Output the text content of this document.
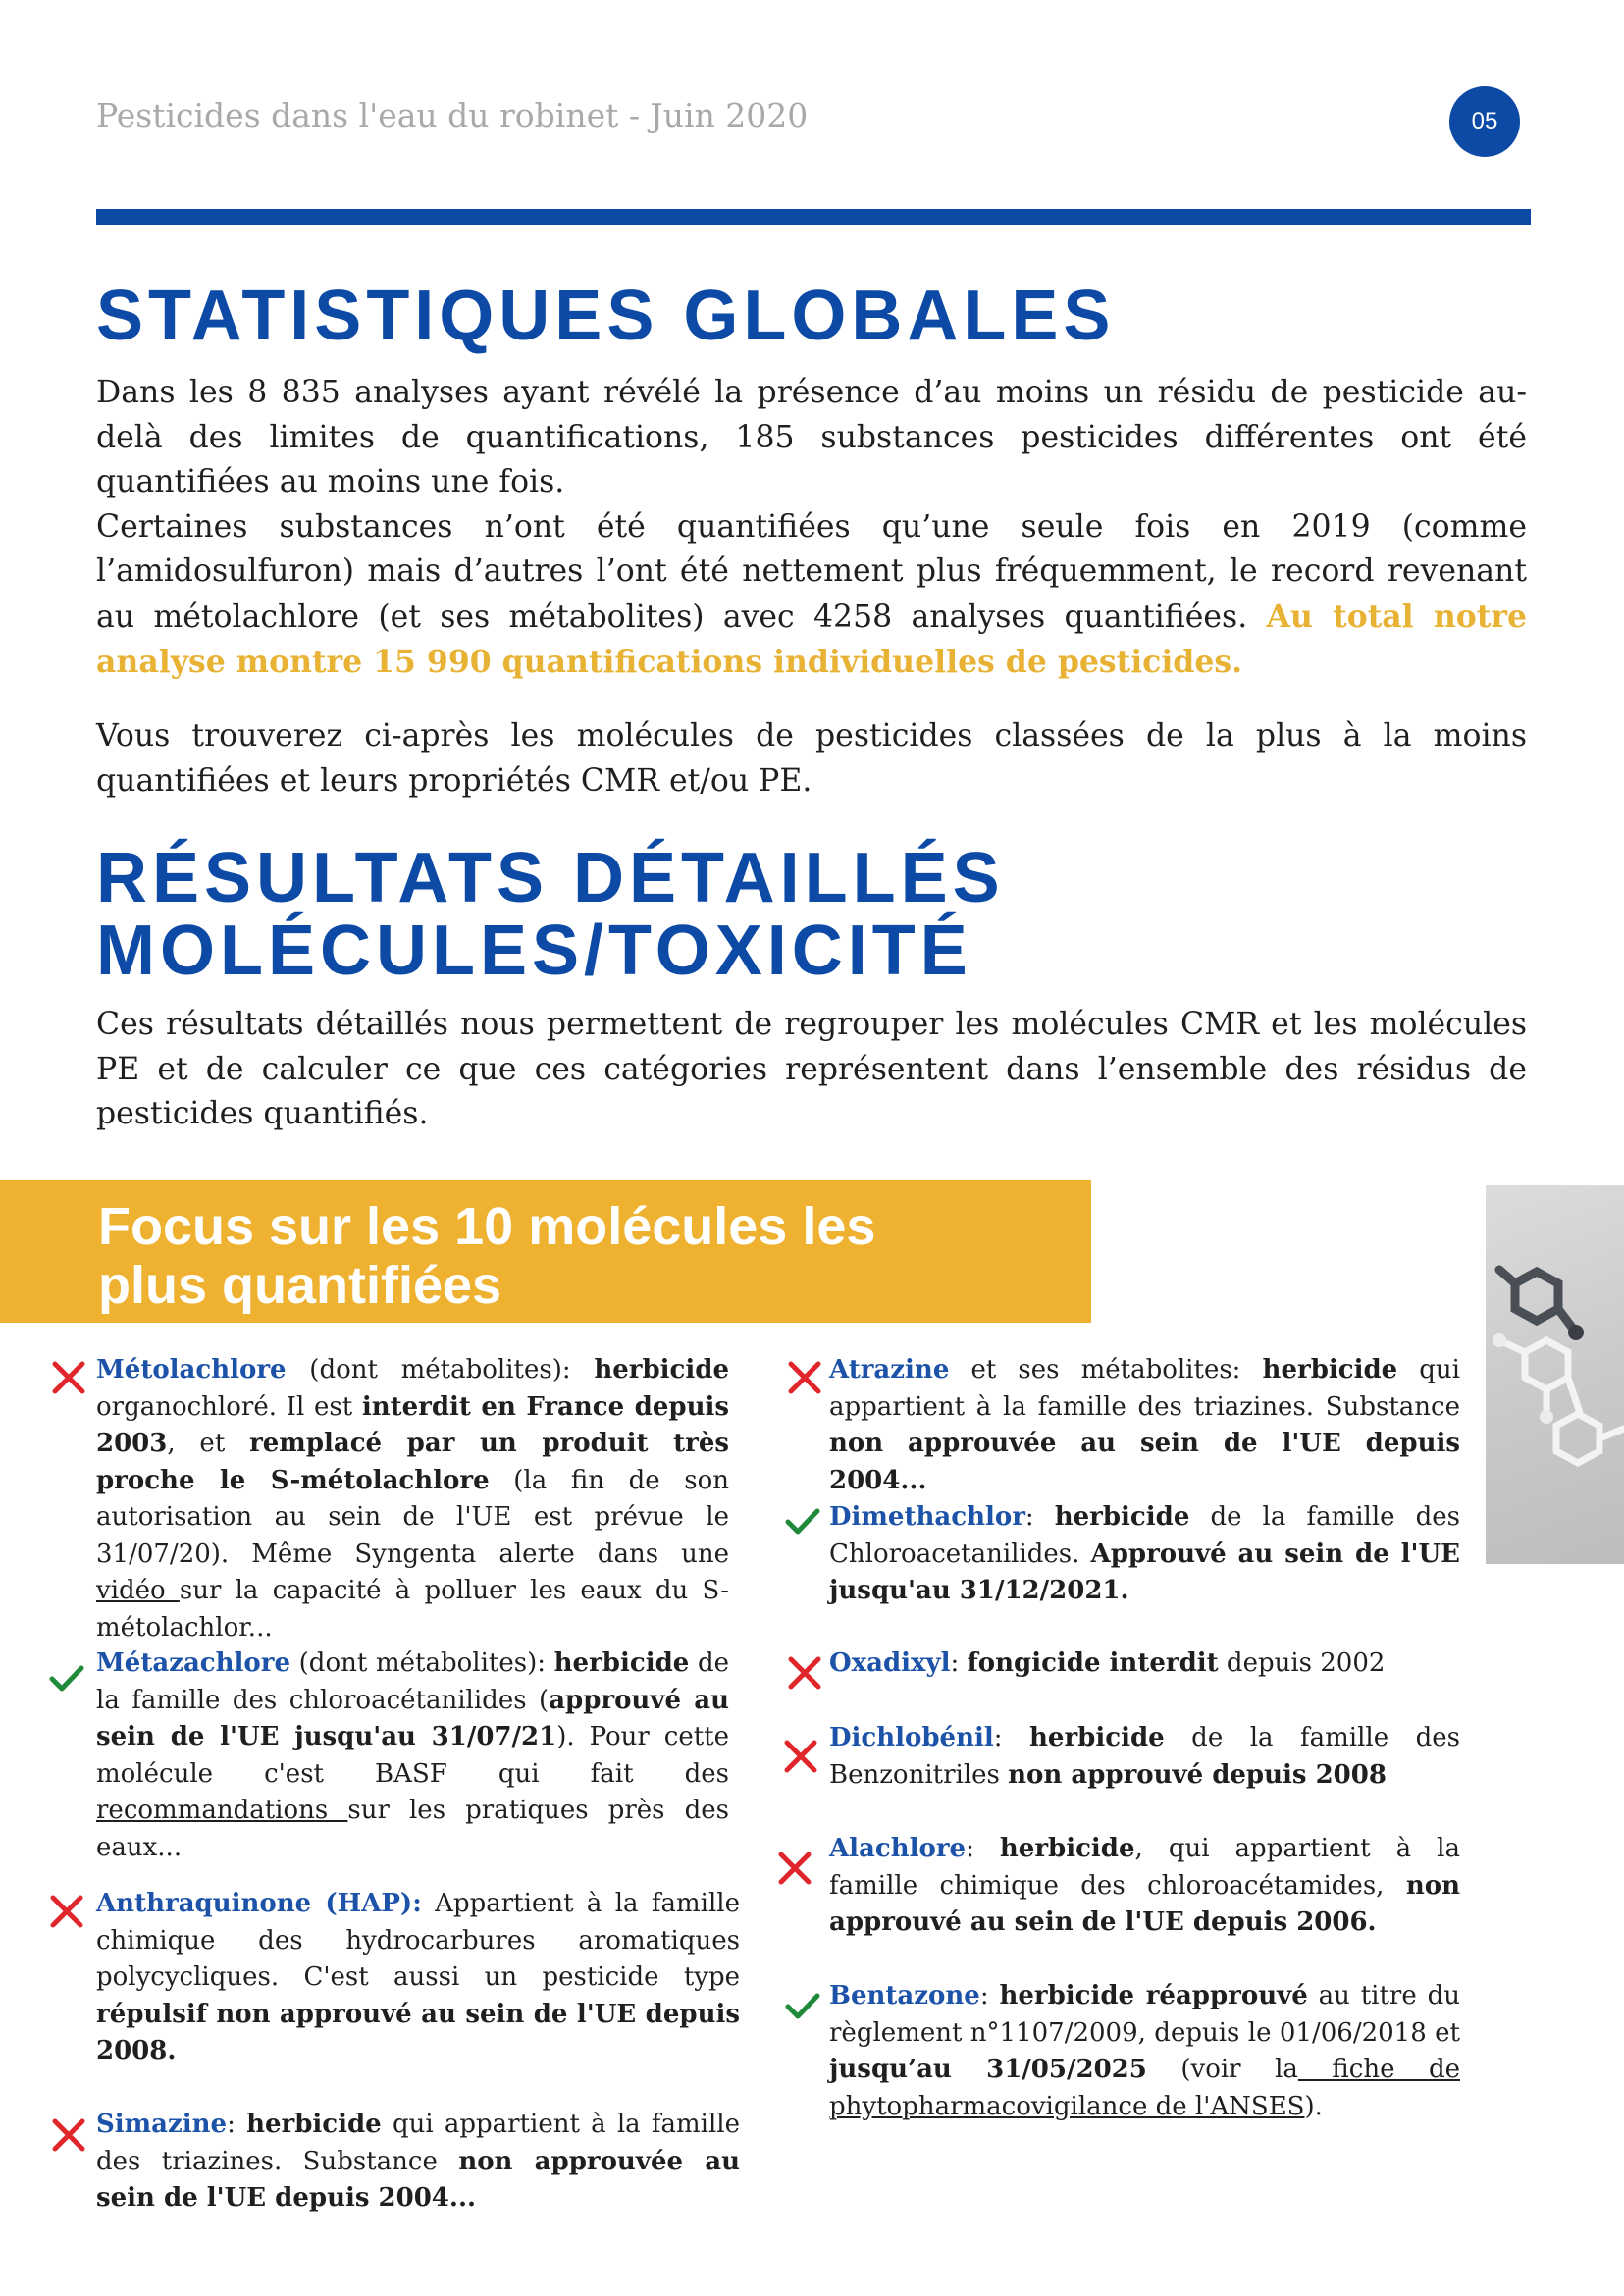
Pesticides dans l'eau du robinet - Juin 2020	05
STATISTIQUES GLOBALES
Dans les 8 835 analyses ayant révélé la présence d’au moins un résidu de pesticide au-delà des limites de quantifications, 185 substances pesticides différentes ont été quantifiées au moins une fois.
Certaines substances n’ont été quantifiées qu’une seule fois en 2019 (comme l’amidosulfuron) mais d’autres l’ont été nettement plus fréquemment, le record revenant au métolachlore (et ses métabolites) avec 4258 analyses quantifiées. Au total notre analyse montre 15 990 quantifications individuelles de pesticides.
Vous trouverez ci-après les molécules de pesticides classées de la plus à la moins quantifiées et leurs propriétés CMR et/ou PE.
RÉSULTATS DÉTAILLÉS
MOLÉCULES/TOXICITÉ
Ces résultats détaillés nous permettent de regrouper les molécules CMR et les molécules PE et de calculer ce que ces catégories représentent dans l’ensemble des résidus de pesticides quantifiés.
Focus sur les 10 molécules les
plus quantifiées
Métolachlore (dont métabolites): herbicide organochloré. Il est interdit en France depuis 2003, et remplacé par un produit très proche le S-métolachlore (la fin de son autorisation au sein de l'UE est prévue le 31/07/20). Même Syngenta alerte dans une vidéo sur la capacité à polluer les eaux du S-métolachlor...
Métazachlore (dont métabolites): herbicide de la famille des chloroacétanilides (approuvé au sein de l'UE jusqu'au 31/07/21). Pour cette molécule c'est BASF qui fait des recommandations sur les pratiques près des eaux...
Anthraquinone (HAP): Appartient à la famille chimique des hydrocarbures aromatiques polycycliques. C'est aussi un pesticide type répulsif non approuvé au sein de l'UE depuis 2008.
Simazine: herbicide qui appartient à la famille des triazines. Substance non approuvée au sein de l'UE depuis 2004...
Atrazine et ses métabolites: herbicide qui appartient à la famille des triazines. Substance non approuvée au sein de l'UE depuis 2004...
Dimethachlor: herbicide de la famille des Chloroacetanilides. Approuvé au sein de l'UE jusqu'au 31/12/2021.
Oxadixyl: fongicide interdit depuis 2002
Dichlobénil: herbicide de la famille des Benzonitriles non approuvé depuis 2008
Alachlore: herbicide, qui appartient à la famille chimique des chloroacétamides, non approuvé au sein de l'UE depuis 2006.
Bentazone: herbicide réapprouvé au titre du règlement n°1107/2009, depuis le 01/06/2018 et jusqu’au 31/05/2025 (voir la fiche de phytopharmacovigilance de l'ANSES).
